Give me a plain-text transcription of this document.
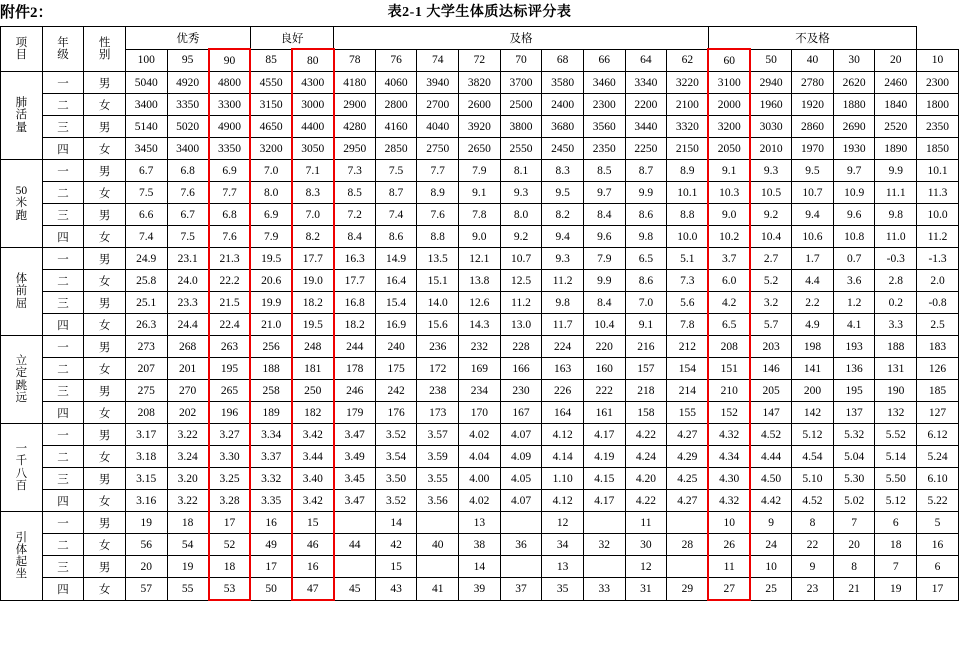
附件2：	表2-1 大学生体质达标评分表
项
目	年
级	性
别	优秀			良好		及格									不及格					
			100	95	90	85	80	78	76	74	72	70	68	66	64	62	60	50	40	30	20	10

肺
活
量	一	男	5040	4920	4800	4550	4300	4180	4060	3940	3820	3700	3580	3460	3340	3220	3100	2940	2780	2620	2460	2300
	二	女	3400	3350	3300	3150	3000	2900	2800	2700	2600	2500	2400	2300	2200	2100	2000	1960	1920	1880	1840	1800
	三	男	5140	5020	4900	4650	4400	4280	4160	4040	3920	3800	3680	3560	3440	3320	3200	3030	2860	2690	2520	2350
	四	女	3450	3400	3350	3200	3050	2950	2850	2750	2650	2550	2450	2350	2250	2150	2050	2010	1970	1930	1890	1850

50
米
跑	一	男	6.7	6.8	6.9	7.0	7.1	7.3	7.5	7.7	7.9	8.1	8.3	8.5	8.7	8.9	9.1	9.3	9.5	9.7	9.9	10.1
	二	女	7.5	7.6	7.7	8.0	8.3	8.5	8.7	8.9	9.1	9.3	9.5	9.7	9.9	10.1	10.3	10.5	10.7	10.9	11.1	11.3
	三	男	6.6	6.7	6.8	6.9	7.0	7.2	7.4	7.6	7.8	8.0	8.2	8.4	8.6	8.8	9.0	9.2	9.4	9.6	9.8	10.0
	四	女	7.4	7.5	7.6	7.9	8.2	8.4	8.6	8.8	9.0	9.2	9.4	9.6	9.8	10.0	10.2	10.4	10.6	10.8	11.0	11.2

体
前
屈	一	男	24.9	23.1	21.3	19.5	17.7	16.3	14.9	13.5	12.1	10.7	9.3	7.9	6.5	5.1	3.7	2.7	1.7	0.7	-0.3	-1.3
	二	女	25.8	24.0	22.2	20.6	19.0	17.7	16.4	15.1	13.8	12.5	11.2	9.9	8.6	7.3	6.0	5.2	4.4	3.6	2.8	2.0
	三	男	25.1	23.3	21.5	19.9	18.2	16.8	15.4	14.0	12.6	11.2	9.8	8.4	7.0	5.6	4.2	3.2	2.2	1.2	0.2	-0.8
	四	女	26.3	24.4	22.4	21.0	19.5	18.2	16.9	15.6	14.3	13.0	11.7	10.4	9.1	7.8	6.5	5.7	4.9	4.1	3.3	2.5

立
定
跳
远	一	男	273	268	263	256	248	244	240	236	232	228	224	220	216	212	208	203	198	193	188	183
	二	女	207	201	195	188	181	178	175	172	169	166	163	160	157	154	151	146	141	136	131	126
	三	男	275	270	265	258	250	246	242	238	234	230	226	222	218	214	210	205	200	195	190	185
	四	女	208	202	196	189	182	179	176	173	170	167	164	161	158	155	152	147	142	137	132	127

一
千
八
百	一	男	3.17	3.22	3.27	3.34	3.42	3.47	3.52	3.57	4.02	4.07	4.12	4.17	4.22	4.27	4.32	4.52	5.12	5.32	5.52	6.12
	二	女	3.18	3.24	3.30	3.37	3.44	3.49	3.54	3.59	4.04	4.09	4.14	4.19	4.24	4.29	4.34	4.44	4.54	5.04	5.14	5.24
	三	男	3.15	3.20	3.25	3.32	3.40	3.45	3.50	3.55	4.00	4.05	1.10	4.15	4.20	4.25	4.30	4.50	5.10	5.30	5.50	6.10
	四	女	3.16	3.22	3.28	3.35	3.42	3.47	3.52	3.56	4.02	4.07	4.12	4.17	4.22	4.27	4.32	4.42	4.52	5.02	5.12	5.22

引
体
起
坐	一	男	19	18	17	16	15		14		13		12		11		10	9	8	7	6	5
	二	女	56	54	52	49	46	44	42	40	38	36	34	32	30	28	26	24	22	20	18	16
	三	男	20	19	18	17	16		15		14		13		12		11	10	9	8	7	6
	四	女	57	55	53	50	47	45	43	41	39	37	35	33	31	29	27	25	23	21	19	17
